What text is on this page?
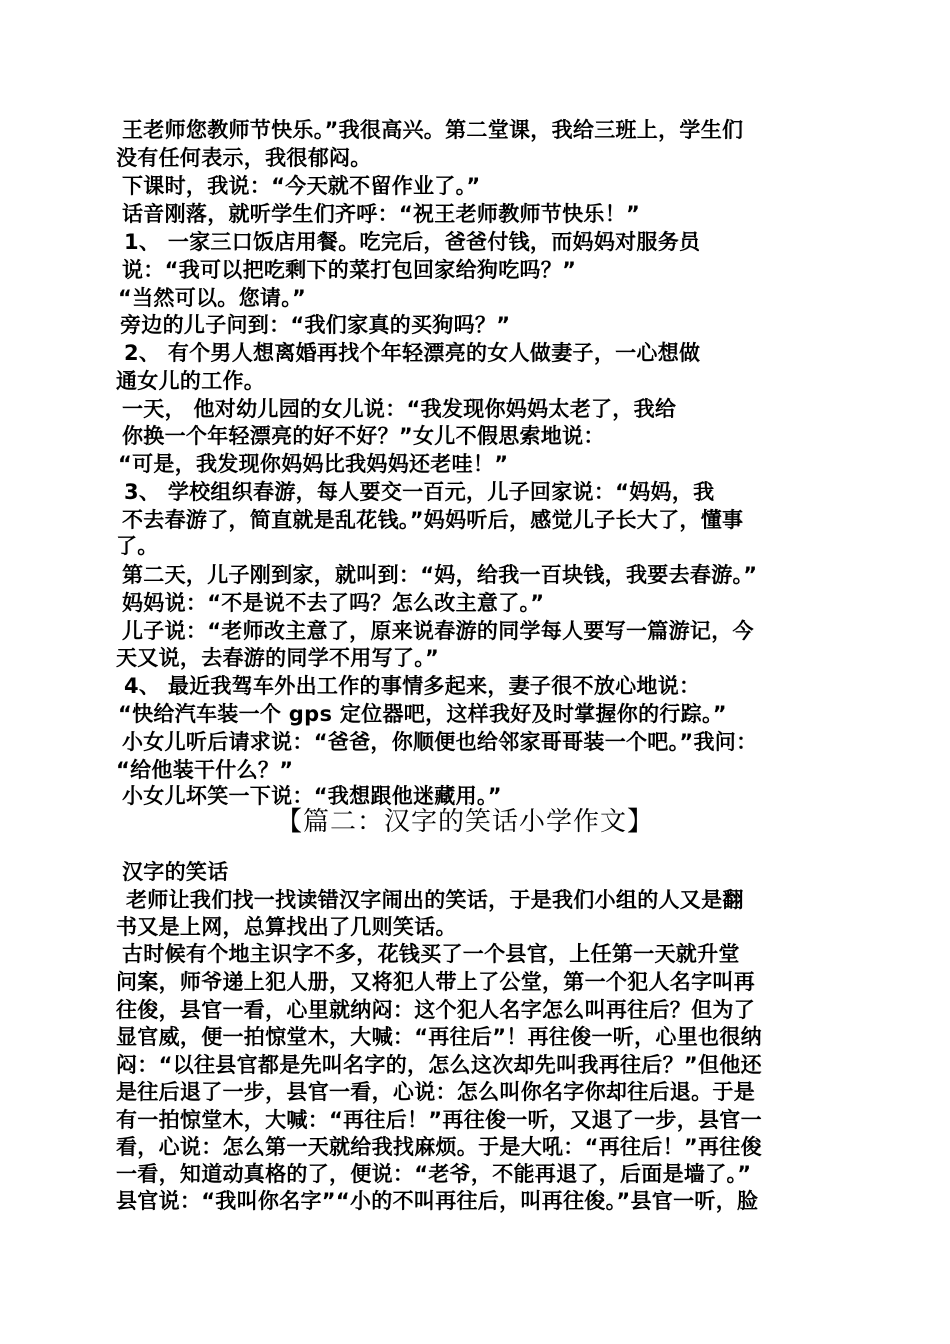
王老师您教师节快乐。”我很高兴。第二堂课，我给三班上，学生们
没有任何表示，我很郁闷。
下课时，我说：“今天就不留作业了。”
话音刚落，就听学生们齐呼：“祝王老师教师节快乐！”
1、 一家三口饭店用餐。吃完后，爸爸付钱，而妈妈对服务员
说：“我可以把吃剩下的菜打包回家给狗吃吗？”
“当然可以。您请。”
旁边的儿子问到：“我们家真的买狗吗？”
2、 有个男人想离婚再找个年轻漂亮的女人做妻子，一心想做
通女儿的工作。
一天， 他对幼儿园的女儿说：“我发现你妈妈太老了，我给
你换一个年轻漂亮的好不好？”女儿不假思索地说：
“可是，我发现你妈妈比我妈妈还老哇！”
3、 学校组织春游，每人要交一百元，儿子回家说：“妈妈，我
不去春游了，简直就是乱花钱。”妈妈听后，感觉儿子长大了，懂事
了。
第二天，儿子刚到家，就叫到：“妈，给我一百块钱，我要去春游。”
妈妈说：“不是说不去了吗？怎么改主意了。”
儿子说：“老师改主意了，原来说春游的同学每人要写一篇游记，今
天又说，去春游的同学不用写了。”
4、 最近我驾车外出工作的事情多起来，妻子很不放心地说：
“快给汽车装一个 gps 定位器吧，这样我好及时掌握你的行踪。”
小女儿听后请求说：“爸爸，你顺便也给邻家哥哥装一个吧。”我问：
“给他装干什么？”
小女儿坏笑一下说：“我想跟他迷藏用。”
【篇二：汉字的笑话小学作文】
汉字的笑话
老师让我们找一找读错汉字闹出的笑话，于是我们小组的人又是翻
书又是上网，总算找出了几则笑话。
古时候有个地主识字不多，花钱买了一个县官，上任第一天就升堂
问案，师爷递上犯人册，又将犯人带上了公堂，第一个犯人名字叫再
往俊，县官一看，心里就纳闷：这个犯人名字怎么叫再往后？但为了
显官威，便一拍惊堂木，大喊：“再往后”！再往俊一听，心里也很纳
闷：“以往县官都是先叫名字的，怎么这次却先叫我再往后？”但他还
是往后退了一步，县官一看，心说：怎么叫你名字你却往后退。于是
有一拍惊堂木，大喊：“再往后！”再往俊一听，又退了一步，县官一
看，心说：怎么第一天就给我找麻烦。于是大吼：“再往后！”再往俊
一看，知道动真格的了，便说：“老爷，不能再退了，后面是墙了。”
县官说：“我叫你名字”“小的不叫再往后，叫再往俊。”县官一听，脸
